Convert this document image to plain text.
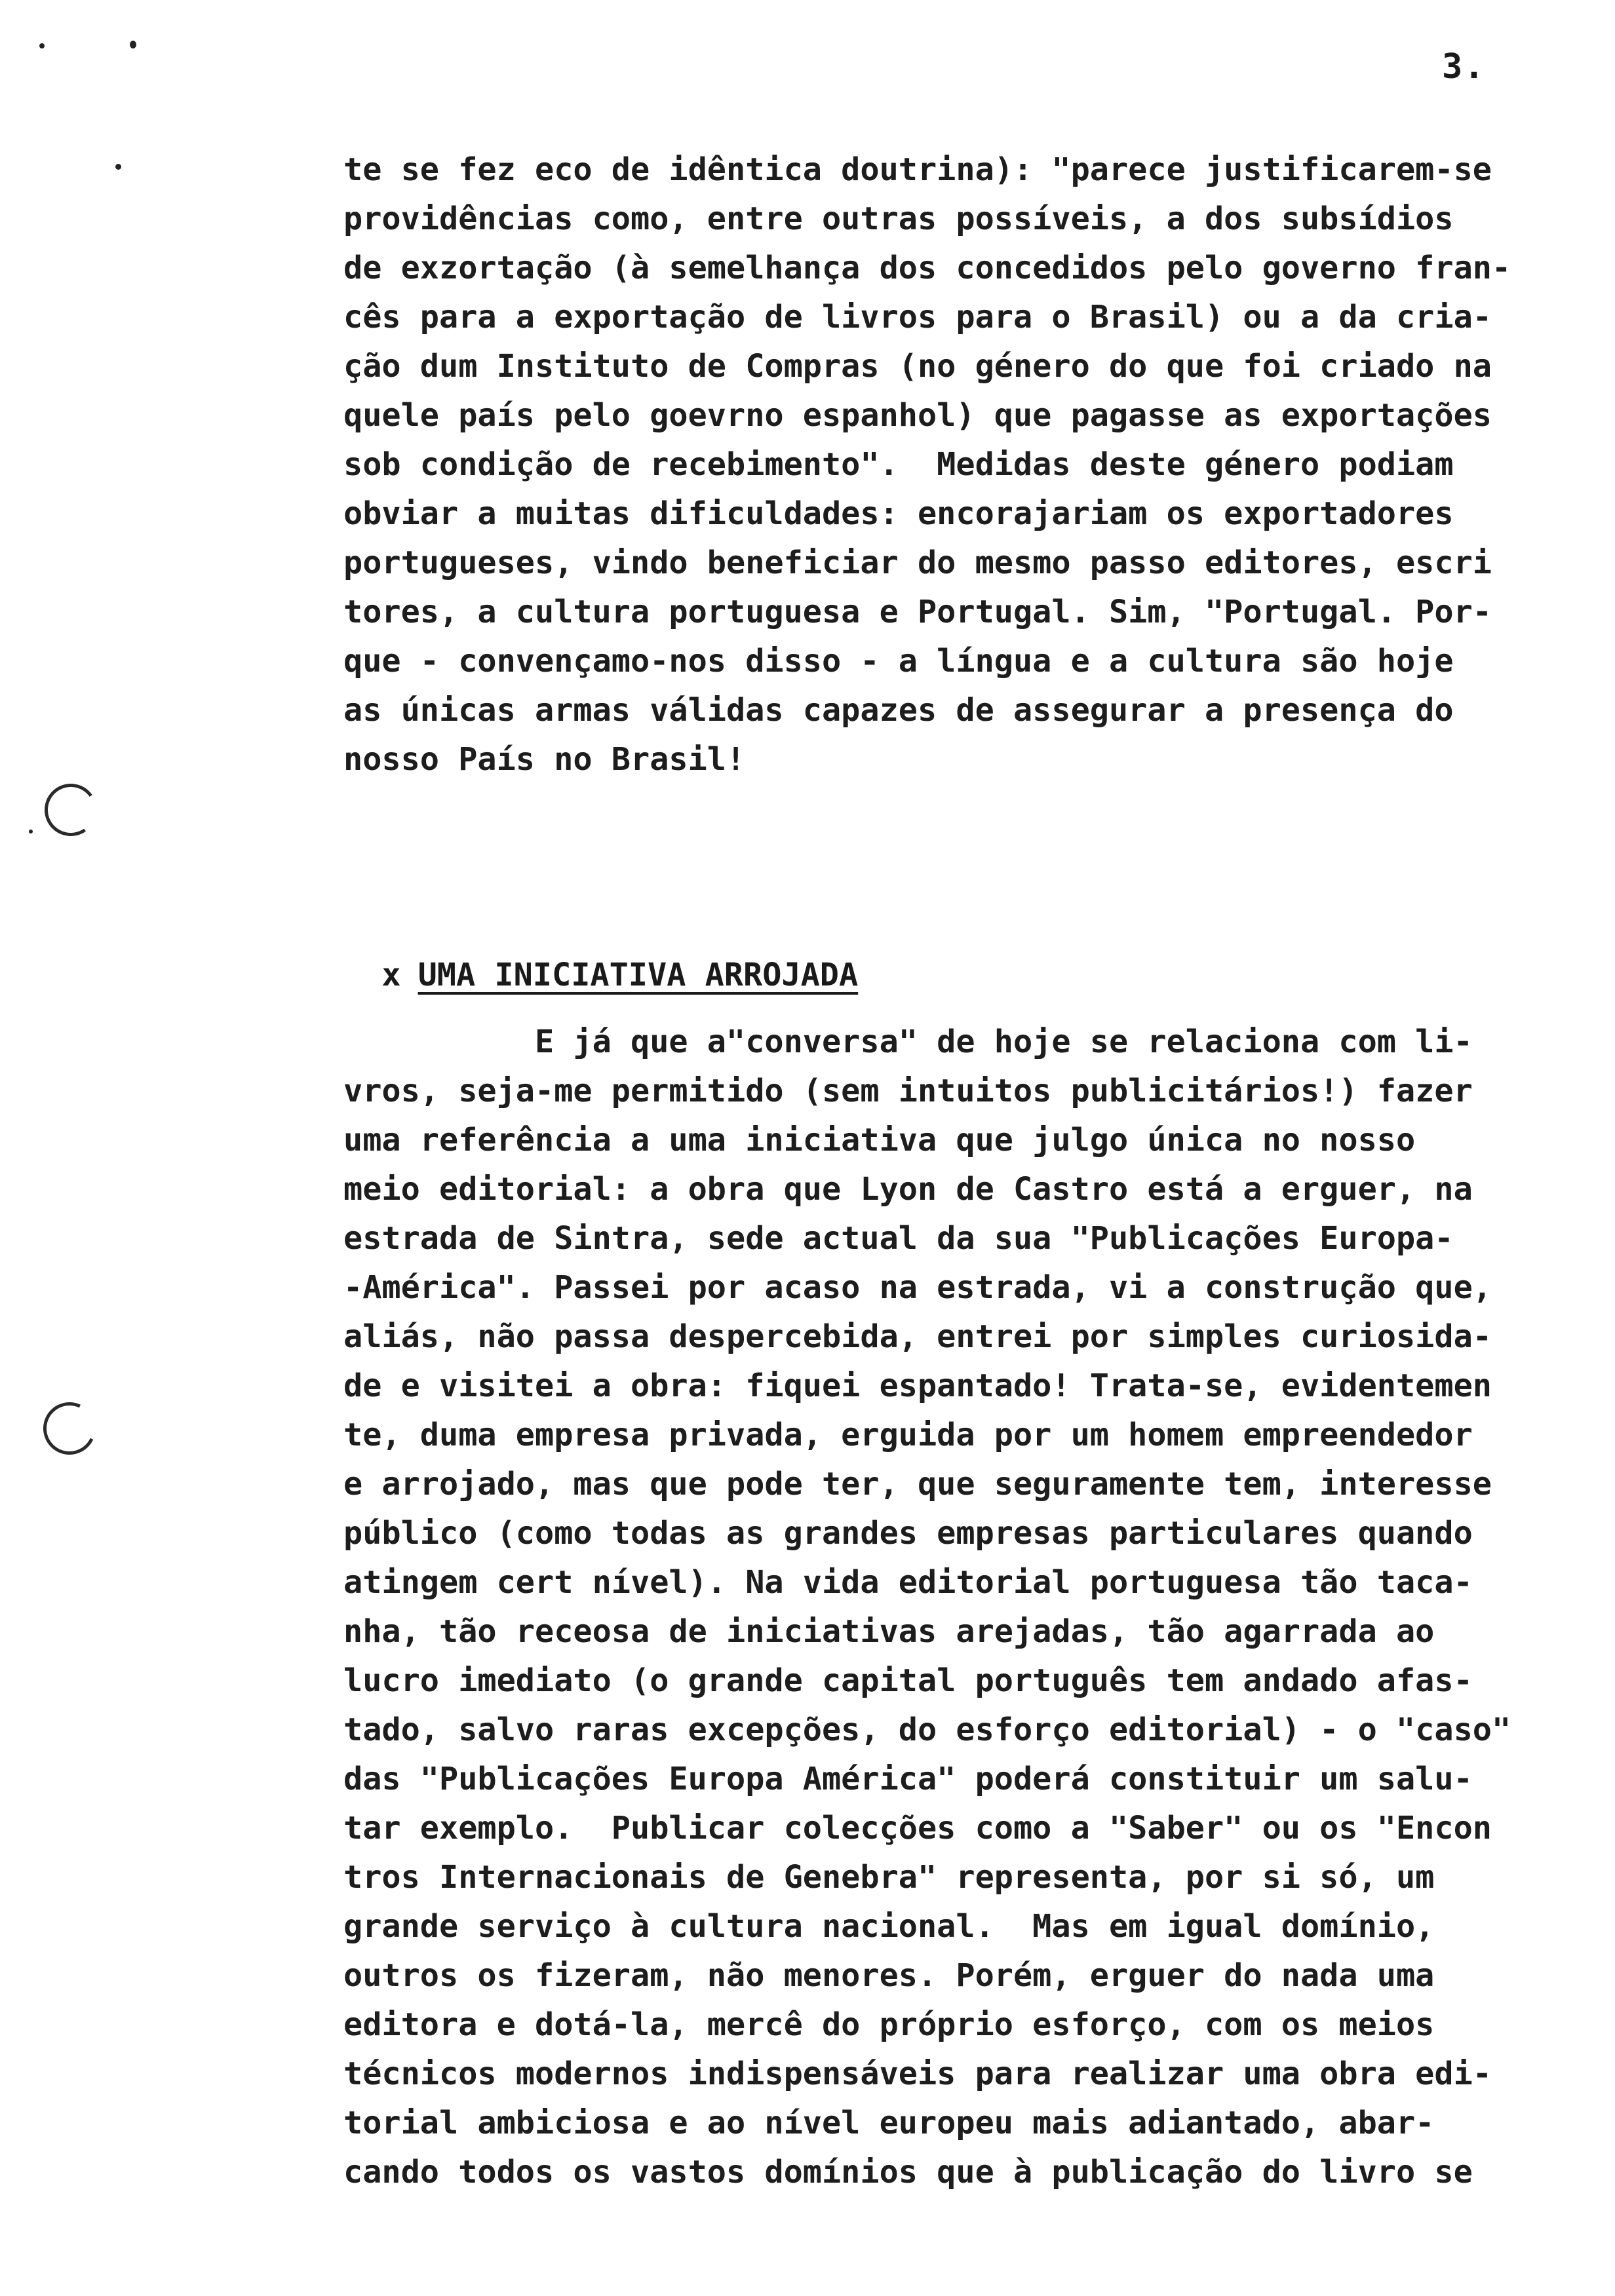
3.
te se fez eco de idêntica doutrina): "parece justificarem-se
providências como, entre outras possíveis, a dos subsídios
de exzortação (à semelhança dos concedidos pelo governo fran-
cês para a exportação de livros para o Brasil) ou a da cria-
ção dum Instituto de Compras (no género do que foi criado na
quele país pelo goevrno espanhol) que pagasse as exportações
sob condição de recebimento".  Medidas deste género podiam
obviar a muitas dificuldades: encorajariam os exportadores
portugueses, vindo beneficiar do mesmo passo editores, escri
tores, a cultura portuguesa e Portugal. Sim, "Portugal. Por-
que - convençamo-nos disso - a língua e a cultura são hoje
as únicas armas válidas capazes de assegurar a presença do
nosso País no Brasil!

x UMA INICIATIVA ARROJADA

E já que a"conversa" de hoje se relaciona com li-
vros, seja-me permitido (sem intuitos publicitários!) fazer
uma referência a uma iniciativa que julgo única no nosso
meio editorial: a obra que Lyon de Castro está a erguer, na
estrada de Sintra, sede actual da sua "Publicações Europa-
-América". Passei por acaso na estrada, vi a construção que,
aliás, não passa despercebida, entrei por simples curiosida-
de e visitei a obra: fiquei espantado! Trata-se, evidentemen
te, duma empresa privada, erguida por um homem empreendedor
e arrojado, mas que pode ter, que seguramente tem, interesse
público (como todas as grandes empresas particulares quando
atingem cert nível). Na vida editorial portuguesa tão taca-
nha, tão receosa de iniciativas arejadas, tão agarrada ao
lucro imediato (o grande capital português tem andado afas-
tado, salvo raras excepções, do esforço editorial) - o "caso"
das "Publicações Europa América" poderá constituir um salu-
tar exemplo.  Publicar colecções como a "Saber" ou os "Encon
tros Internacionais de Genebra" representa, por si só, um
grande serviço à cultura nacional.  Mas em igual domínio,
outros os fizeram, não menores. Porém, erguer do nada uma
editora e dotá-la, mercê do próprio esforço, com os meios
técnicos modernos indispensáveis para realizar uma obra edi-
torial ambiciosa e ao nível europeu mais adiantado, abar-
cando todos os vastos domínios que à publicação do livro se
